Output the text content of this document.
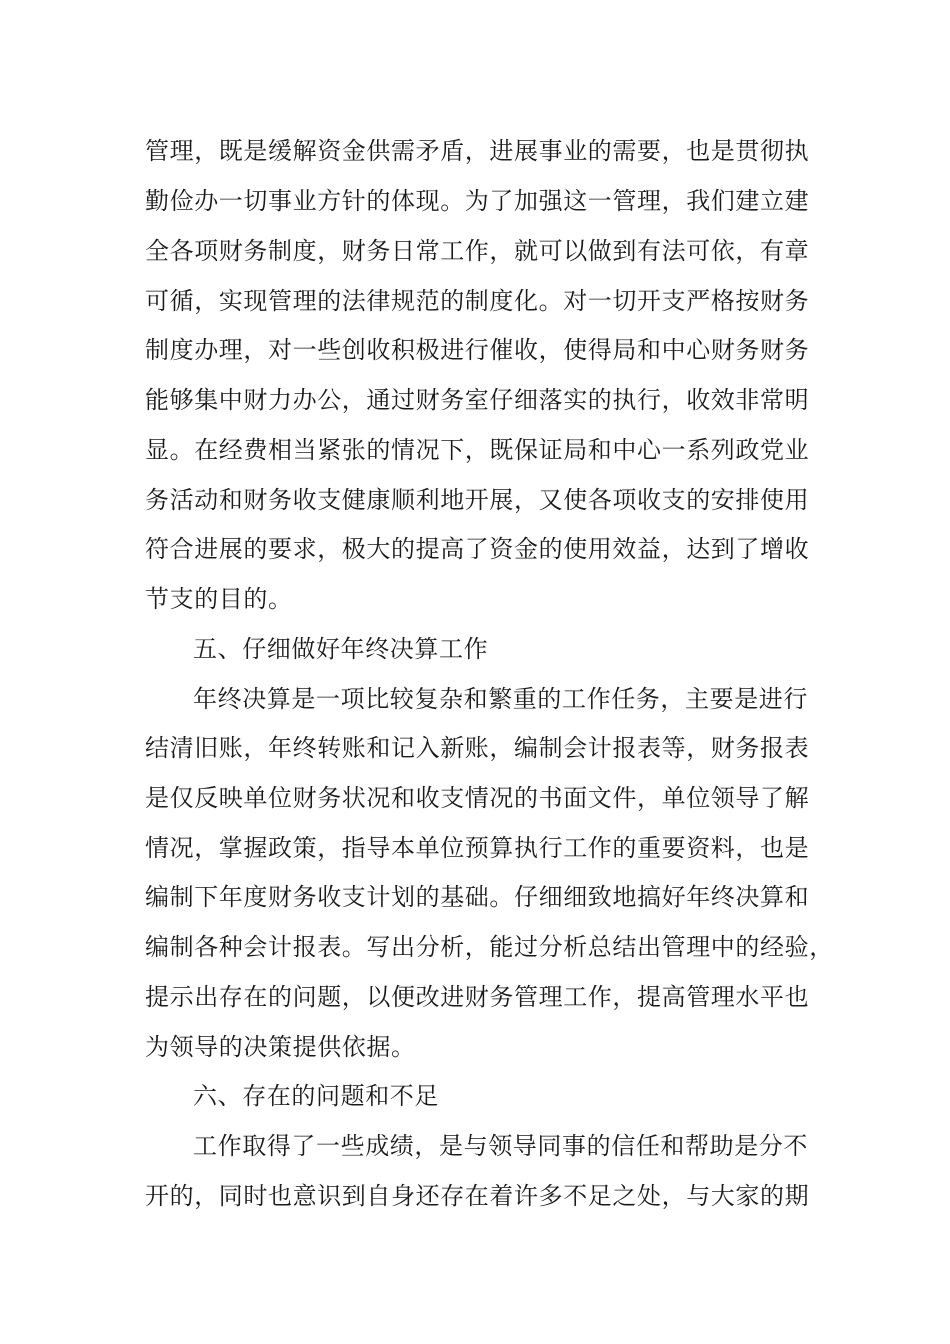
管理，既是缓解资金供需矛盾，进展事业的需要，也是贯彻执
勤俭办一切事业方针的体现。为了加强这一管理，我们建立建
全各项财务制度，财务日常工作，就可以做到有法可依，有章
可循，实现管理的法律规范的制度化。对一切开支严格按财务
制度办理，对一些创收积极进行催收，使得局和中心财务财务
能够集中财力办公，通过财务室仔细落实的执行，收效非常明
显。在经费相当紧张的情况下，既保证局和中心一系列政党业
务活动和财务收支健康顺利地开展，又使各项收支的安排使用
符合进展的要求，极大的提高了资金的使用效益，达到了增收
节支的目的。
五、仔细做好年终决算工作
年终决算是一项比较复杂和繁重的工作任务，主要是进行
结清旧账，年终转账和记入新账，编制会计报表等，财务报表
是仅反映单位财务状况和收支情况的书面文件，单位领导了解
情况，掌握政策，指导本单位预算执行工作的重要资料，也是
编制下年度财务收支计划的基础。仔细细致地搞好年终决算和
编制各种会计报表。写出分析，能过分析总结出管理中的经验，
提示出存在的问题，以便改进财务管理工作，提高管理水平也
为领导的决策提供依据。
六、存在的问题和不足
工作取得了一些成绩，是与领导同事的信任和帮助是分不
开的，同时也意识到自身还存在着许多不足之处，与大家的期
